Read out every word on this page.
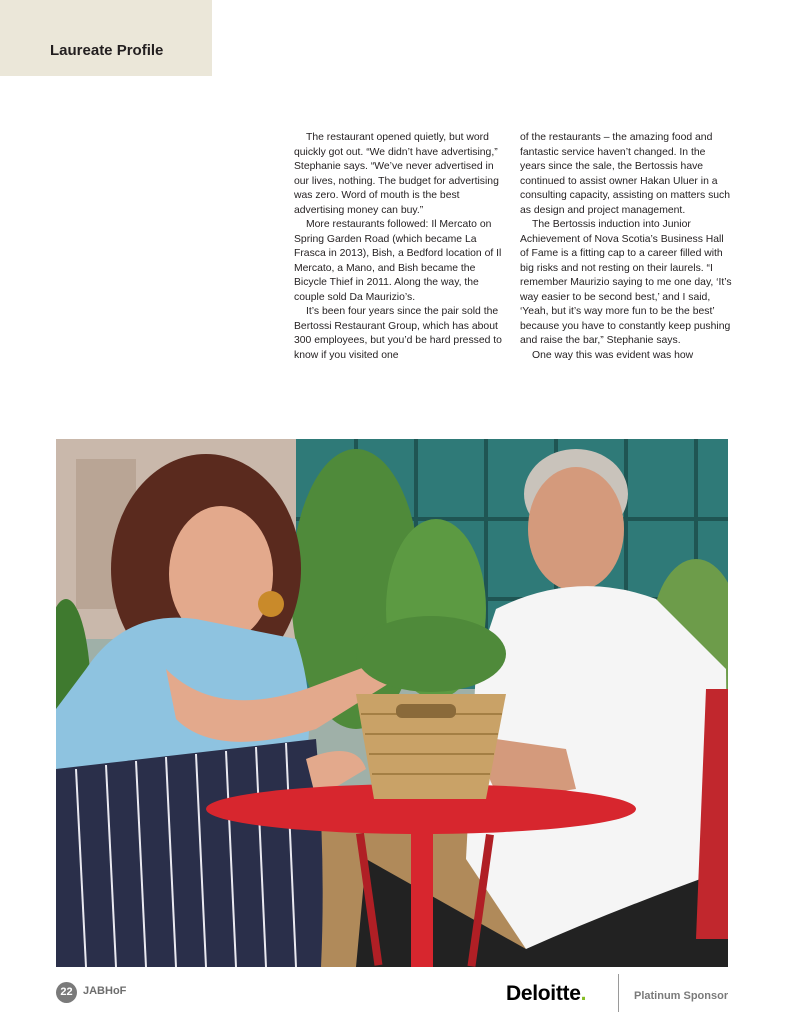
Laureate Profile

The restaurant opened quietly, but word quickly got out. “We didn’t have advertising,” Stephanie says. “We’ve never advertised in our lives, nothing. The budget for advertising was zero. Word of mouth is the best advertising money can buy.”

More restaurants followed: Il Mercato on Spring Garden Road (which became La Frasca in 2013), Bish, a Bedford location of Il Mercato, a Mano, and Bish became the Bicycle Thief in 2011. Along the way, the couple sold Da Maurizio’s.

It’s been four years since the pair sold the Bertossi Restaurant Group, which has about 300 employees, but you’d be hard pressed to know if you visited one

of the restaurants – the amazing food and fantastic service haven’t changed. In the years since the sale, the Bertossis have continued to assist owner Hakan Uluer in a consulting capacity, assisting on matters such as design and project management.

The Bertossis induction into Junior Achievement of Nova Scotia’s Business Hall of Fame is a fitting cap to a career filled with big risks and not resting on their laurels. “I remember Maurizio saying to me one day, ‘It’s way easier to be second best,’ and I said, ‘Yeah, but it’s way more fun to be the best’ because you have to constantly keep pushing and raise the bar,” Stephanie says.

One way this was evident was how

22 JABHoF	Deloitte.	Platinum Sponsor
